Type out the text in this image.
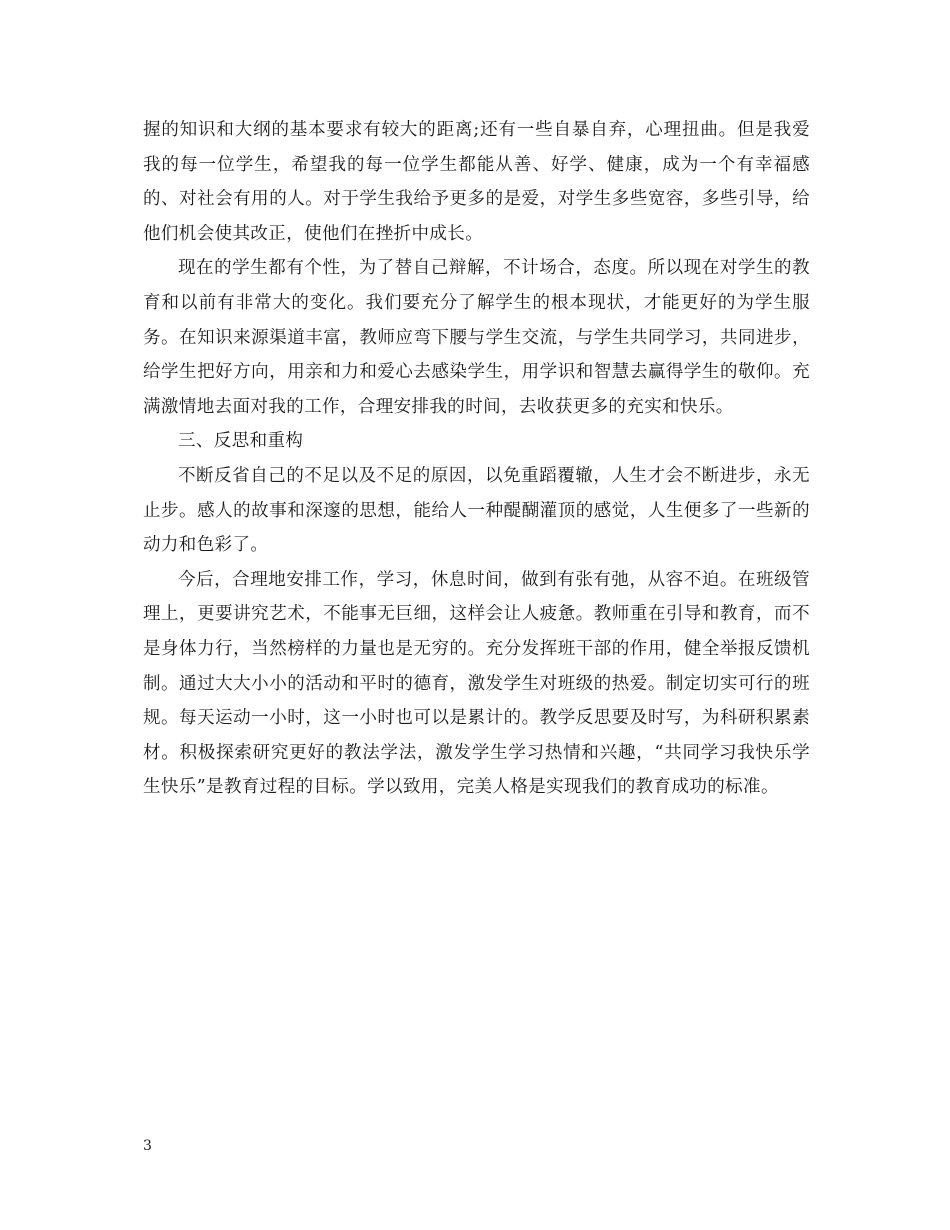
握的知识和大纲的基本要求有较大的距离;还有一些自暴自弃，心理扭曲。但是我爱我的每一位学生，希望我的每一位学生都能从善、好学、健康，成为一个有幸福感的、对社会有用的人。对于学生我给予更多的是爱，对学生多些宽容，多些引导，给他们机会使其改正，使他们在挫折中成长。

现在的学生都有个性，为了替自己辩解，不计场合，态度。所以现在对学生的教育和以前有非常大的变化。我们要充分了解学生的根本现状，才能更好的为学生服务。在知识来源渠道丰富，教师应弯下腰与学生交流，与学生共同学习，共同进步，给学生把好方向，用亲和力和爱心去感染学生，用学识和智慧去赢得学生的敬仰。充满激情地去面对我的工作，合理安排我的时间，去收获更多的充实和快乐。

三、反思和重构

不断反省自己的不足以及不足的原因，以免重蹈覆辙，人生才会不断进步，永无止步。感人的故事和深邃的思想，能给人一种醍醐灌顶的感觉，人生便多了一些新的动力和色彩了。

今后，合理地安排工作，学习，休息时间，做到有张有弛，从容不迫。在班级管理上，更要讲究艺术，不能事无巨细，这样会让人疲惫。教师重在引导和教育，而不是身体力行，当然榜样的力量也是无穷的。充分发挥班干部的作用，健全举报反馈机制。通过大大小小的活动和平时的德育，激发学生对班级的热爱。制定切实可行的班规。每天运动一小时，这一小时也可以是累计的。教学反思要及时写，为科研积累素材。积极探索研究更好的教法学法，激发学生学习热情和兴趣，“共同学习我快乐学生快乐”是教育过程的目标。学以致用，完美人格是实现我们的教育成功的标准。

3
